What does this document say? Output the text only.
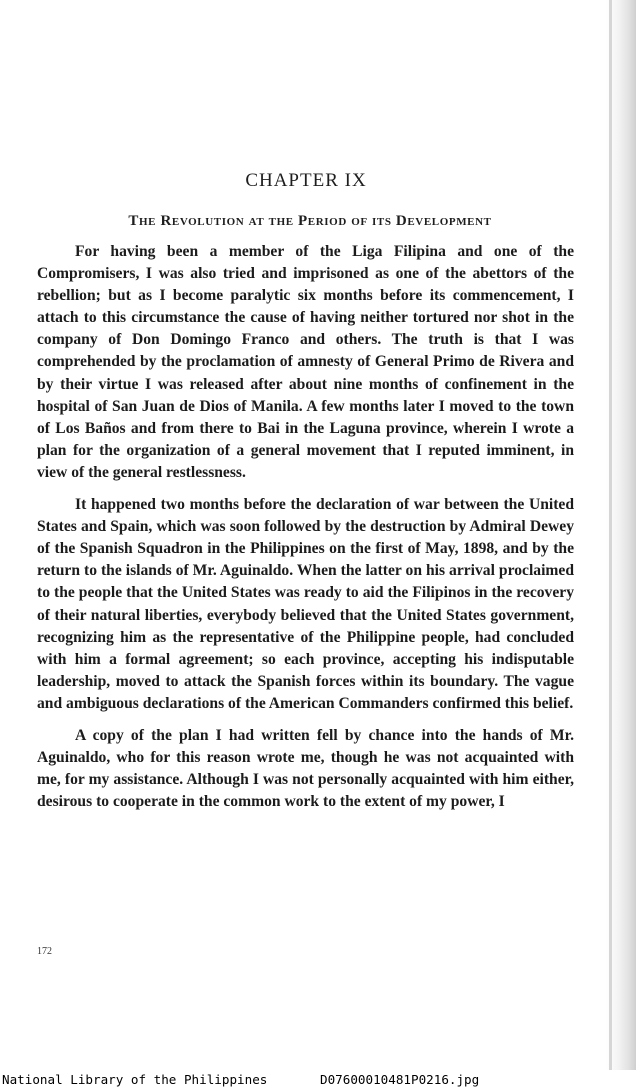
CHAPTER IX
The Revolution at the Period of its Development

For having been a member of the Liga Filipina and one of the Compromisers, I was also tried and imprisoned as one of the abettors of the rebellion; but as I become paralytic six months before its commencement, I attach to this circumstance the cause of having neither tortured nor shot in the company of Don Domingo Franco and others. The truth is that I was comprehended by the proclamation of amnesty of General Primo de Rivera and by their virtue I was released after about nine months of confinement in the hospital of San Juan de Dios of Manila. A few months later I moved to the town of Los Baños and from there to Bai in the Laguna province, wherein I wrote a plan for the organization of a general movement that I reputed imminent, in view of the general restlessness.

It happened two months before the declaration of war between the United States and Spain, which was soon followed by the destruction by Admiral Dewey of the Spanish Squadron in the Philippines on the first of May, 1898, and by the return to the islands of Mr. Aguinaldo. When the latter on his arrival proclaimed to the people that the United States was ready to aid the Filipinos in the recovery of their natural liberties, everybody believed that the United States government, recognizing him as the representative of the Philippine people, had concluded with him a formal agreement; so each province, accepting his indisputable leadership, moved to attack the Spanish forces within its boundary. The vague and ambiguous declarations of the American Commanders confirmed this belief.

A copy of the plan I had written fell by chance into the hands of Mr. Aguinaldo, who for this reason wrote me, though he was not acquainted with me, for my assistance. Although I was not personally acquainted with him either, desirous to cooperate in the common work to the extent of my power, I

172
National Library of the Philippines	D07600010481P0216.jpg
